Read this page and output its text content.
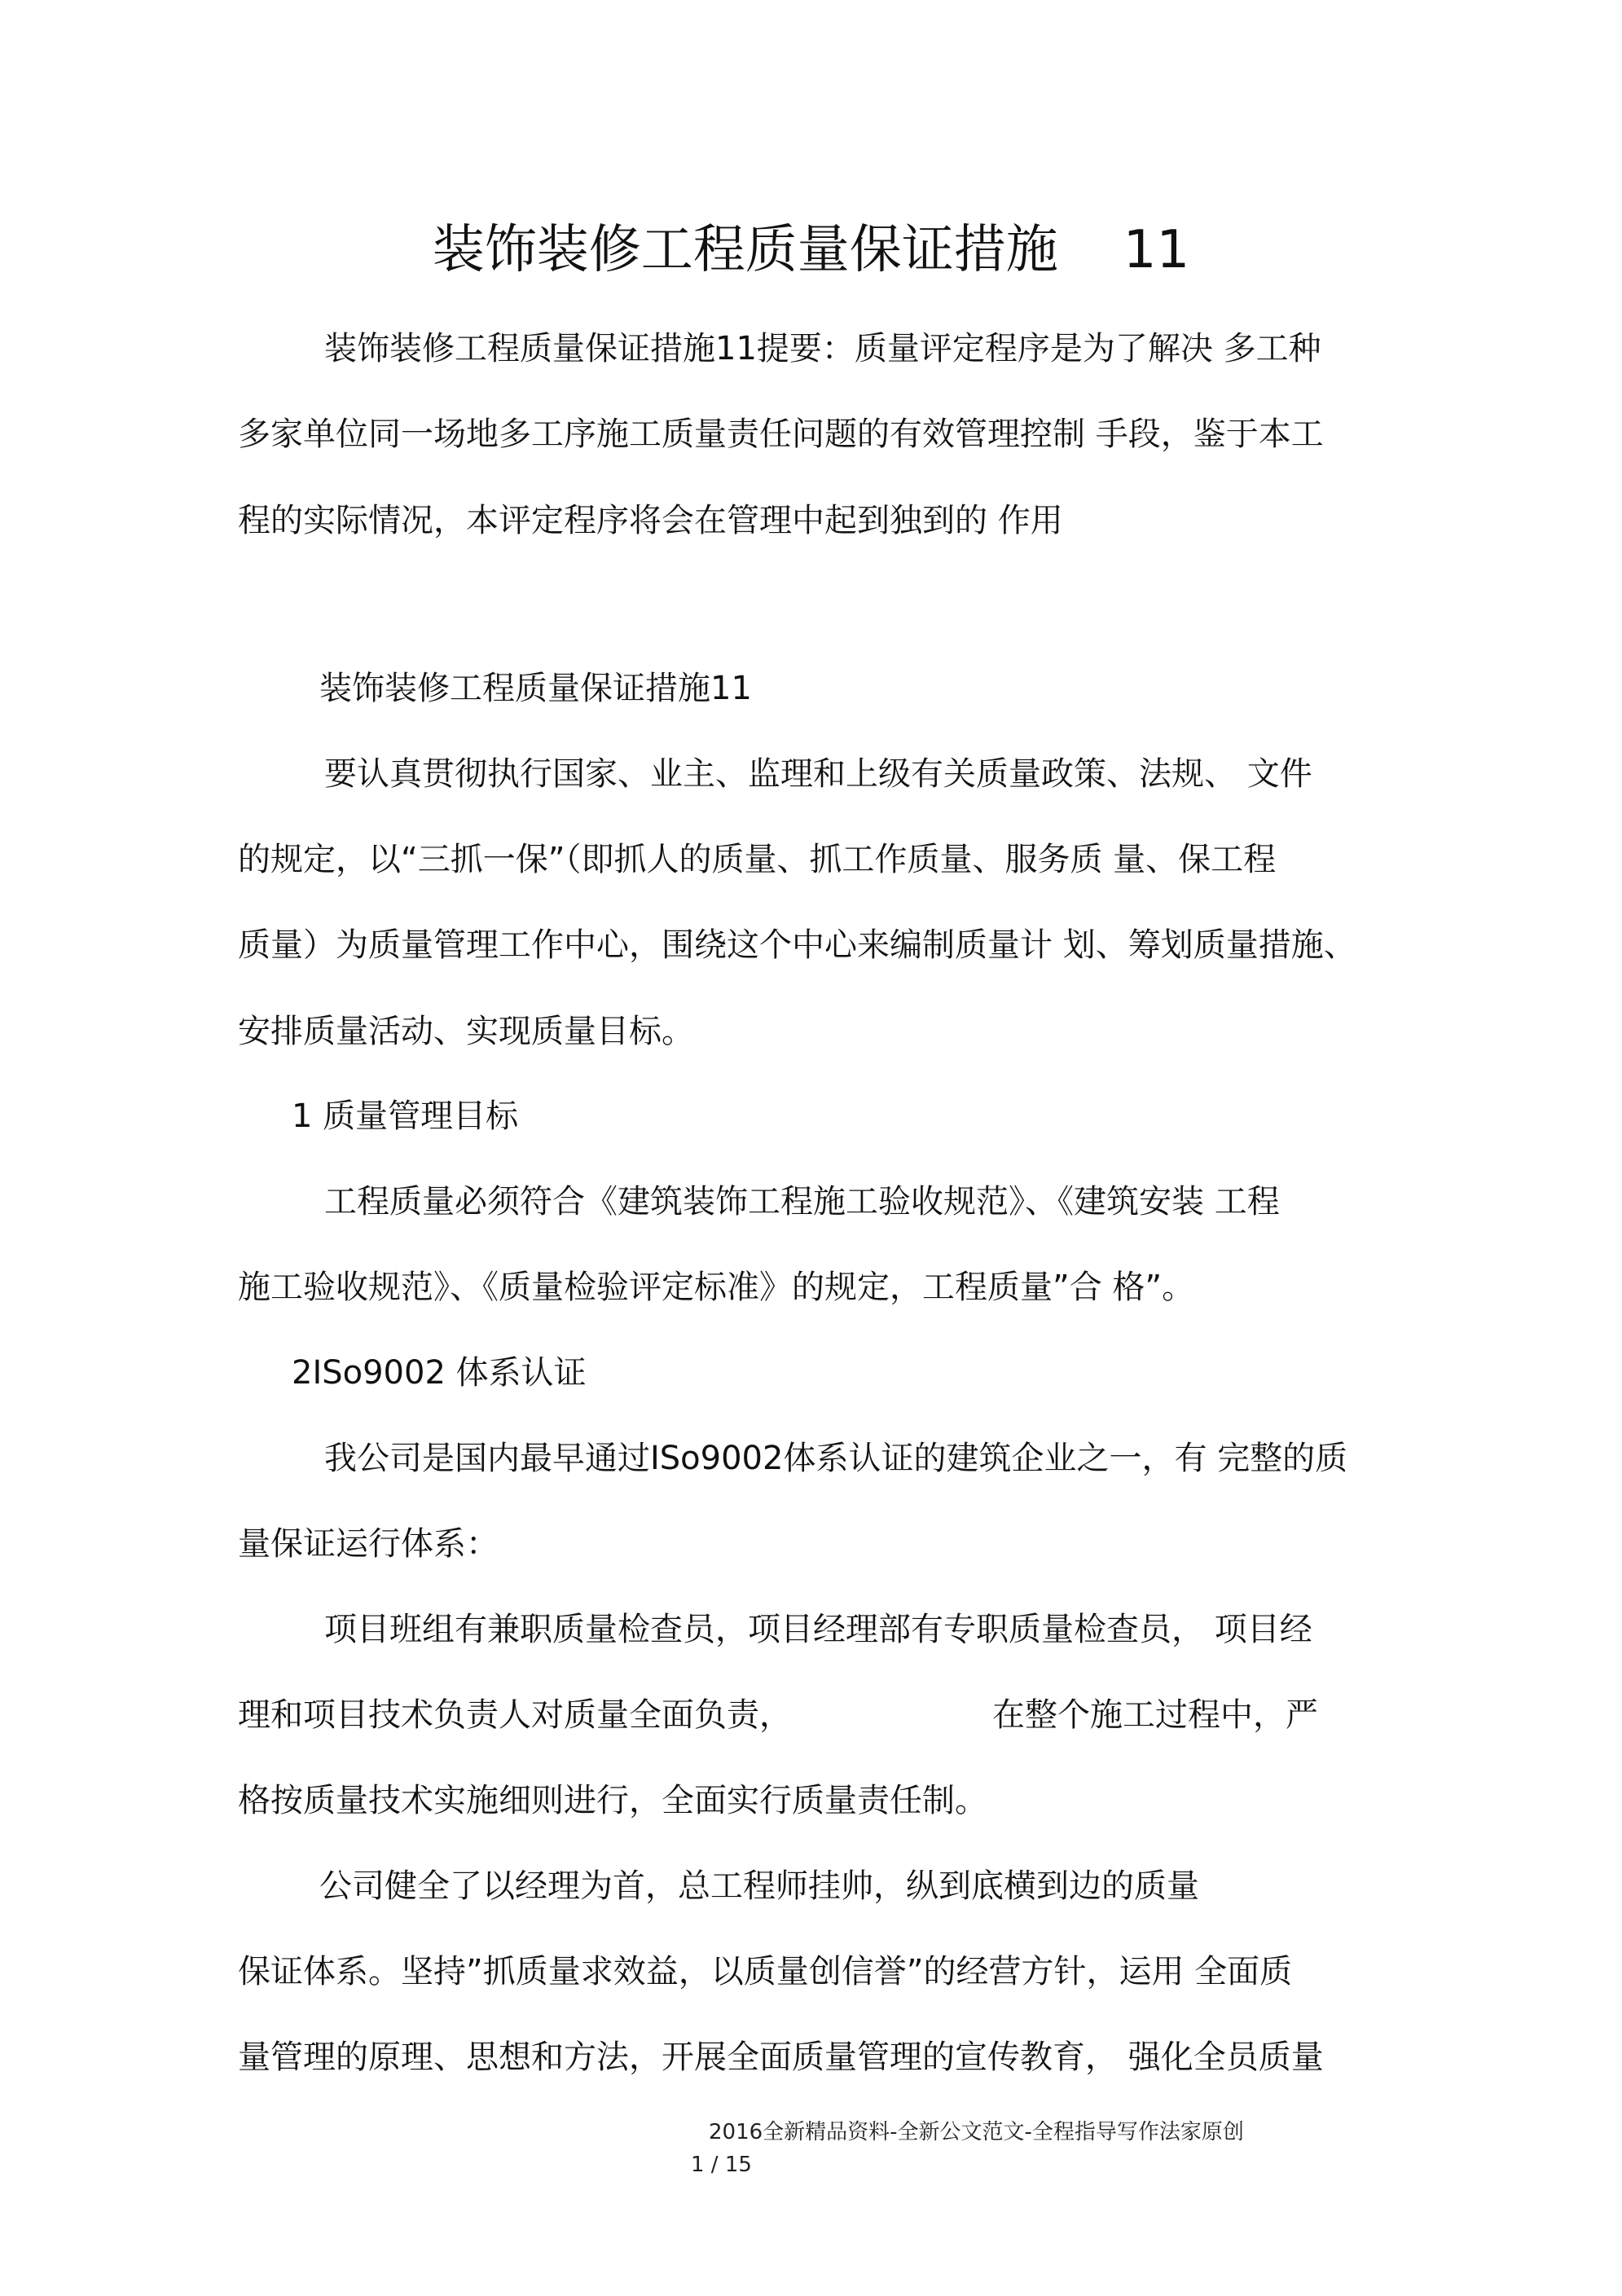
装饰装修工程质量保证措施 11
装饰装修工程质量保证措施11提要：质量评定程序是为了解决 多工种
多家单位同一场地多工序施工质量责任问题的有效管理控制 手段，鉴于本工
程的实际情况，本评定程序将会在管理中起到独到的 作用
装饰装修工程质量保证措施11
要认真贯彻执行国家、业主、监理和上级有关质量政策、法规、 文件
的规定，以“三抓一保”（即抓人的质量、抓工作质量、服务质 量、保工程
质量）为质量管理工作中心，围绕这个中心来编制质量计 划、筹划质量措施、
安排质量活动、实现质量目标。
1 质量管理目标
工程质量必须符合《建筑装饰工程施工验收规范》、《建筑安装 工程
施工验收规范》、《质量检验评定标准》的规定，工程质量”合 格”。
2ISo9002 体系认证
我公司是国内最早通过ISo9002体系认证的建筑企业之一，有 完整的质
量保证运行体系：
项目班组有兼职质量检查员，项目经理部有专职质量检查员， 项目经
理和项目技术负责人对质量全面负责，	在整个施工过程中，严
格按质量技术实施细则进行，全面实行质量责任制。
公司健全了以经理为首，总工程师挂帅，纵到底横到边的质量
保证体系。坚持”抓质量求效益，以质量创信誉”的经营方针，运用 全面质
量管理的原理、思想和方法，开展全面质量管理的宣传教育， 强化全员质量
2016全新精品资料-全新公文范文-全程指导写作法家原创
1 / 15
